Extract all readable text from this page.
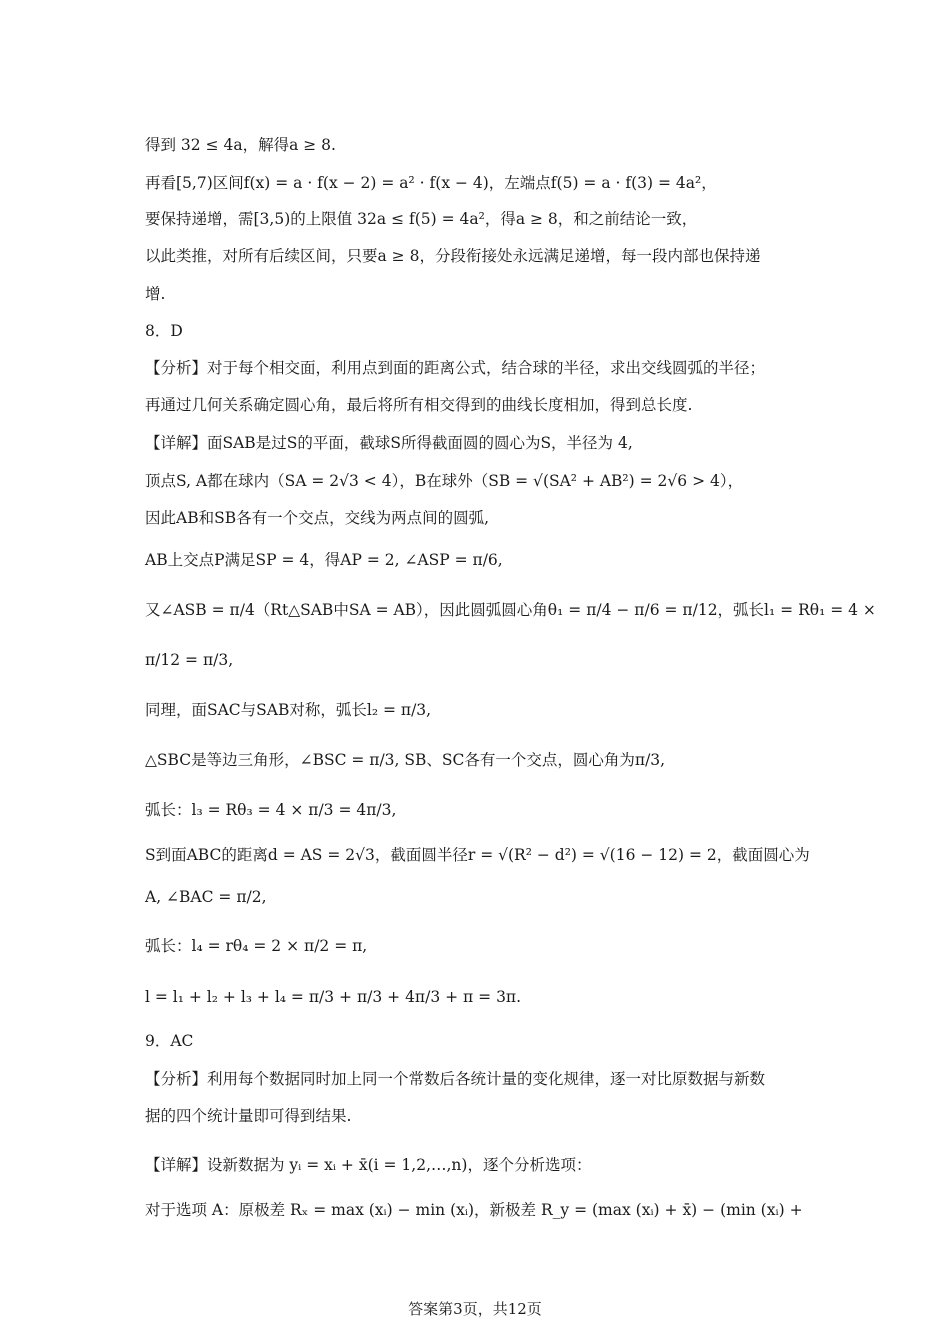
得到 32 ≤ 4a，解得a ≥ 8.
再看[5,7)区间f(x) = a · f(x − 2) = a² · f(x − 4)，左端点f(5) = a · f(3) = 4a²，
要保持递增，需[3,5)的上限值 32a ≤ f(5) = 4a²，得a ≥ 8，和之前结论一致，
以此类推，对所有后续区间，只要a ≥ 8，分段衔接处永远满足递增，每一段内部也保持递
增.
8．D
【分析】对于每个相交面，利用点到面的距离公式，结合球的半径，求出交线圆弧的半径；
再通过几何关系确定圆心角，最后将所有相交得到的曲线长度相加，得到总长度.
【详解】面SAB是过S的平面，截球S所得截面圆的圆心为S，半径为 4,
顶点S, A都在球内（SA = 2√3 < 4），B在球外（SB = √(SA² + AB²) = 2√6 > 4），
因此AB和SB各有一个交点，交线为两点间的圆弧,
AB上交点P满足SP = 4，得AP = 2, ∠ASP = π/6,
又∠ASB = π/4（Rt△SAB中SA = AB），因此圆弧圆心角θ₁ = π/4 − π/6 = π/12，弧长l₁ = Rθ₁ = 4 ×
π/12 = π/3,
同理，面SAC与SAB对称，弧长l₂ = π/3,
△SBC是等边三角形，∠BSC = π/3, SB、SC各有一个交点，圆心角为π/3,
弧长：l₃ = Rθ₃ = 4 × π/3 = 4π/3,
S到面ABC的距离d = AS = 2√3，截面圆半径r = √(R² − d²) = √(16 − 12) = 2，截面圆心为
A, ∠BAC = π/2,
弧长：l₄ = rθ₄ = 2 × π/2 = π,
l = l₁ + l₂ + l₃ + l₄ = π/3 + π/3 + 4π/3 + π = 3π.
9．AC
【分析】利用每个数据同时加上同一个常数后各统计量的变化规律，逐一对比原数据与新数
据的四个统计量即可得到结果.
【详解】设新数据为 yᵢ = xᵢ + x̄(i = 1,2,…,n)，逐个分析选项：
对于选项 A：原极差 Rₓ = max (xᵢ) − min (xᵢ)，新极差 R_y = (max (xᵢ) + x̄) − (min (xᵢ) +
答案第3页，共12页
